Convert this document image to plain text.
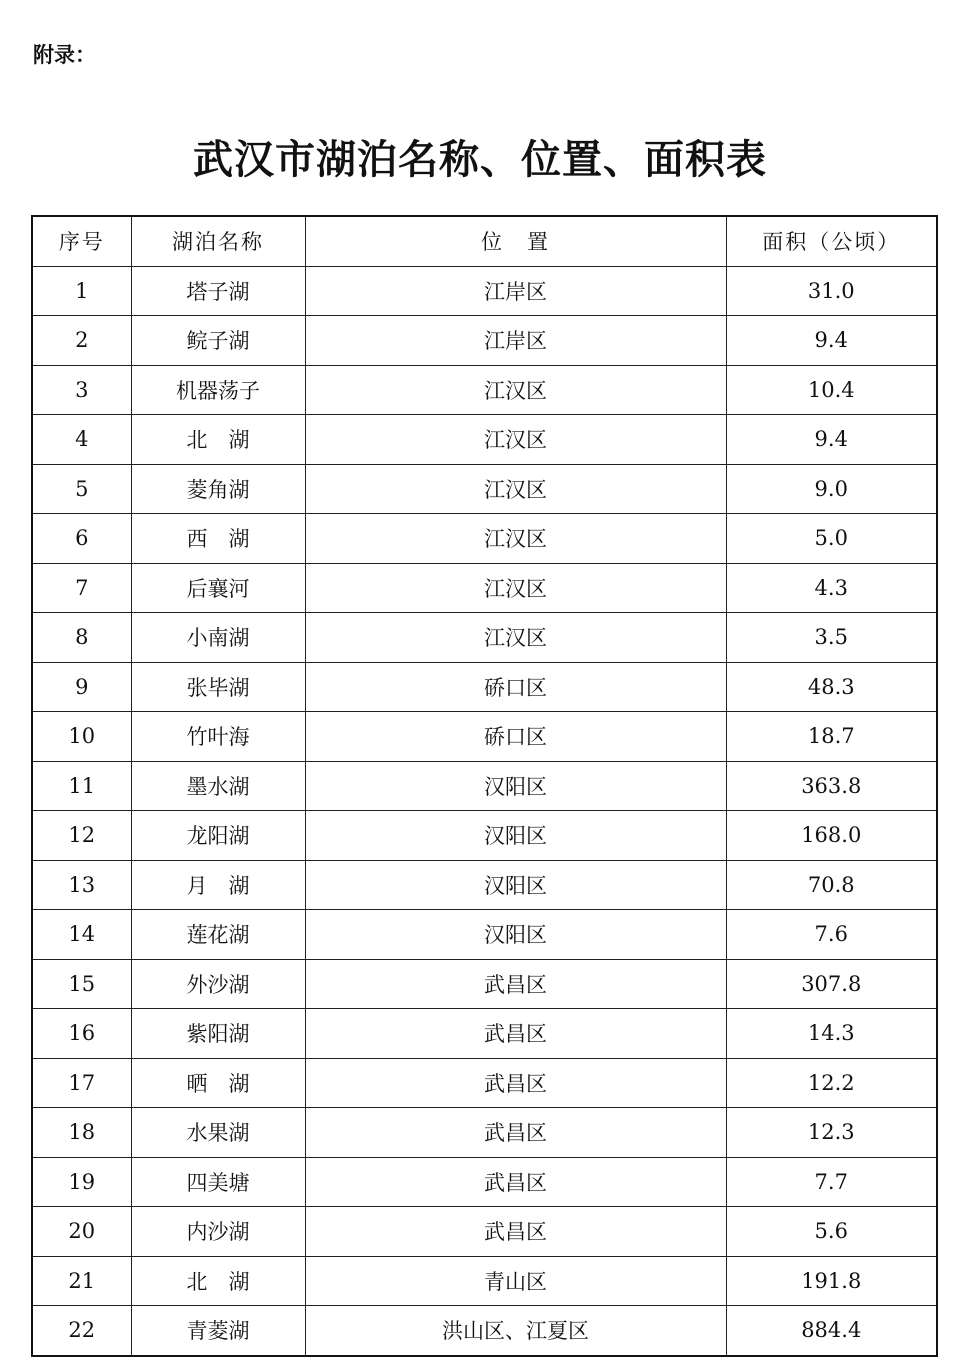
附录：

武汉市湖泊名称、位置、面积表
序号	湖泊名称	位　置	面积（公顷）
1	塔子湖	江岸区	31.0
2	鲩子湖	江岸区	9.4
3	机器荡子	江汉区	10.4
4	北　湖	江汉区	9.4
5	菱角湖	江汉区	9.0
6	西　湖	江汉区	5.0
7	后襄河	江汉区	4.3
8	小南湖	江汉区	3.5
9	张毕湖	硚口区	48.3
10	竹叶海	硚口区	18.7
11	墨水湖	汉阳区	363.8
12	龙阳湖	汉阳区	168.0
13	月　湖	汉阳区	70.8
14	莲花湖	汉阳区	7.6
15	外沙湖	武昌区	307.8
16	紫阳湖	武昌区	14.3
17	晒　湖	武昌区	12.2
18	水果湖	武昌区	12.3
19	四美塘	武昌区	7.7
20	内沙湖	武昌区	5.6
21	北　湖	青山区	191.8
22	青菱湖	洪山区、江夏区	884.4
